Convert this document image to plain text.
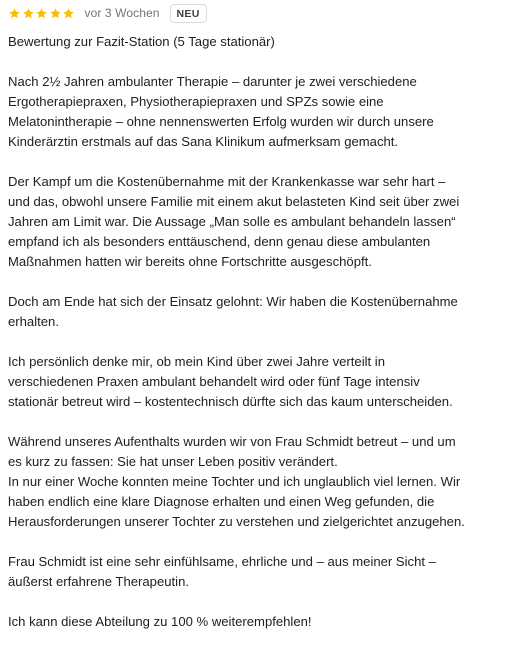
vor 3 Wochen	NEU
Bewertung zur Fazit-Station (5 Tage stationär)
Nach 2½ Jahren ambulanter Therapie – darunter je zwei verschiedene
Ergotherapiepraxen, Physiotherapiepraxen und SPZs sowie eine
Melatonintherapie – ohne nennenswerten Erfolg wurden wir durch unsere
Kinderärztin erstmals auf das Sana Klinikum aufmerksam gemacht.
Der Kampf um die Kostenübernahme mit der Krankenkasse war sehr hart –
und das, obwohl unsere Familie mit einem akut belasteten Kind seit über zwei
Jahren am Limit war. Die Aussage „Man solle es ambulant behandeln lassen“
empfand ich als besonders enttäuschend, denn genau diese ambulanten
Maßnahmen hatten wir bereits ohne Fortschritte ausgeschöpft.
Doch am Ende hat sich der Einsatz gelohnt: Wir haben die Kostenübernahme
erhalten.
Ich persönlich denke mir, ob mein Kind über zwei Jahre verteilt in
verschiedenen Praxen ambulant behandelt wird oder fünf Tage intensiv
stationär betreut wird – kostentechnisch dürfte sich das kaum unterscheiden.
Während unseres Aufenthalts wurden wir von Frau Schmidt betreut – und um
es kurz zu fassen: Sie hat unser Leben positiv verändert.
In nur einer Woche konnten meine Tochter und ich unglaublich viel lernen. Wir
haben endlich eine klare Diagnose erhalten und einen Weg gefunden, die
Herausforderungen unserer Tochter zu verstehen und zielgerichtet anzugehen.
Frau Schmidt ist eine sehr einfühlsame, ehrliche und – aus meiner Sicht –
äußerst erfahrene Therapeutin.
Ich kann diese Abteilung zu 100 % weiterempfehlen!
